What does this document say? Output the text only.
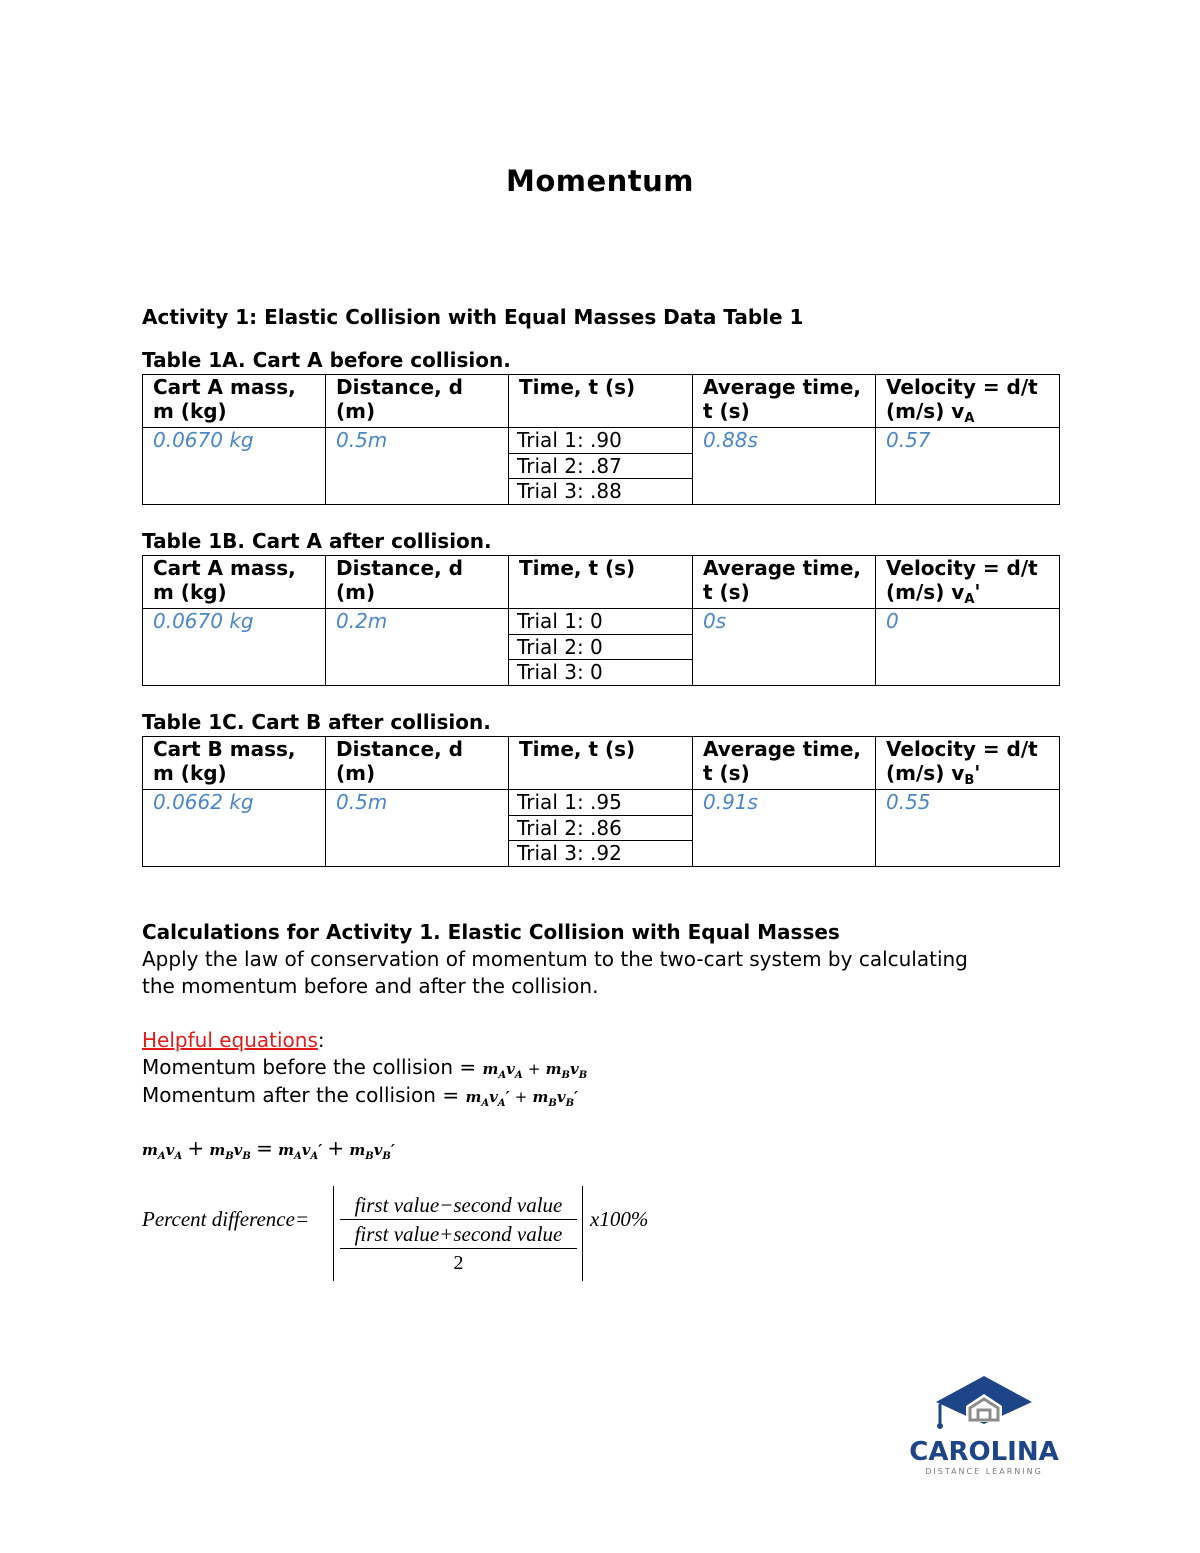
Momentum
Activity 1: Elastic Collision with Equal Masses Data Table 1
Table 1A. Cart A before collision.
Cart A mass, m (kg)	Distance, d (m)	Time, t (s)	Average time, t (s)	Velocity = d/t (m/s) $v_A$
0.0670 kg	0.5m	Trial 1: .90	0.88s	0.57
		Trial 2: .87		
		Trial 3: .88		
Table 1B. Cart A after collision.
Cart A mass, m (kg)	Distance, d (m)	Time, t (s)	Average time, t (s)	Velocity = d/t (m/s) $v_A'$
0.0670 kg	0.2m	Trial 1: 0	0s	0
		Trial 2: 0		
		Trial 3: 0		
Table 1C. Cart B after collision.
Cart B mass, m (kg)	Distance, d (m)	Time, t (s)	Average time, t (s)	Velocity = d/t (m/s) $v_B'$
0.0662 kg	0.5m	Trial 1: .95	0.91s	0.55
		Trial 2: .86		
		Trial 3: .92		
Calculations for Activity 1. Elastic Collision with Equal Masses
Apply the law of conservation of momentum to the two-cart system by calculating
the momentum before and after the collision.
Helpful equations:
Momentum before the collision = $m_Av_A + m_Bv_B$
Momentum after the collision = $m_Av_A' + m_Bv_B'$
$m_Av_A + m_Bv_B = m_Av_A' + m_Bv_B'$
Percent difference=
first value−second value
first value+second value
2
x100%
CAROLINA
DISTANCE LEARNING
